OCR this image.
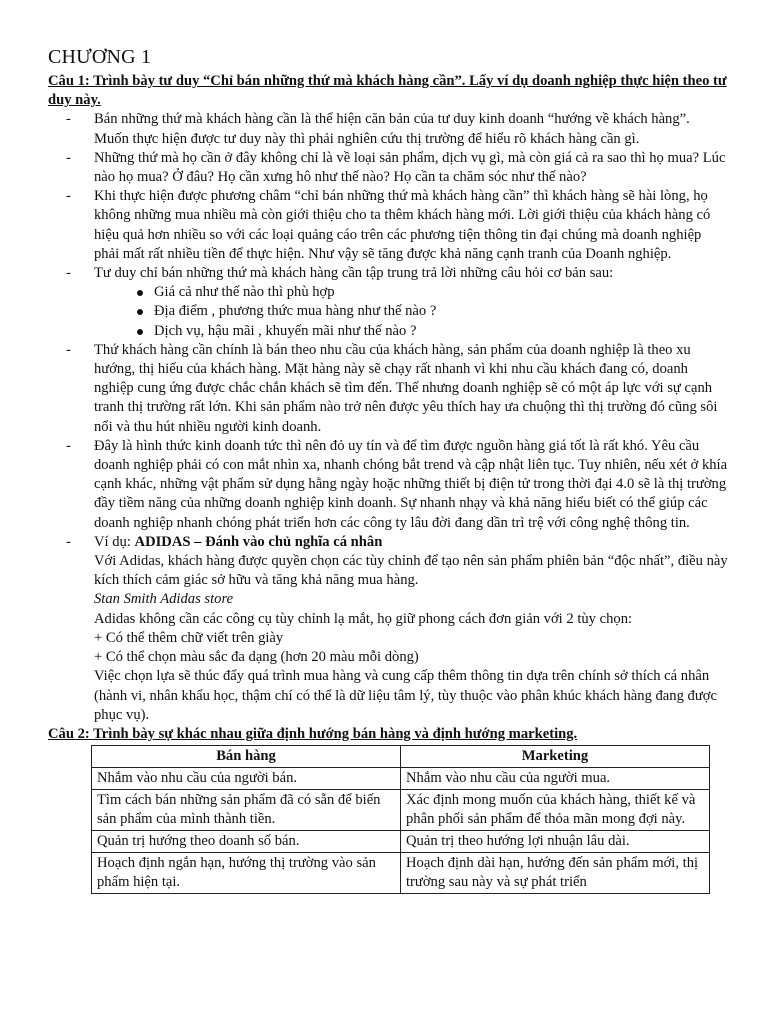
CHƯƠNG 1

Câu 1: Trình bày tư duy “Chỉ bán những thứ mà khách hàng cần”. Lấy ví dụ doanh nghiệp thực hiện theo tư duy này.

- Bán những thứ mà khách hàng cần là thể hiện căn bản của tư duy kinh doanh “hướng về khách hàng”. Muốn thực hiện được tư duy này thì phải nghiên cứu thị trường để hiểu rõ khách hàng cần gì.
- Những thứ mà họ cần ở đây không chỉ là về loại sản phẩm, dịch vụ gì, mà còn giá cả ra sao thì họ mua? Lúc nào họ mua? Ở đâu? Họ cần xưng hô như thế nào? Họ cần ta chăm sóc như thế nào?
- Khi thực hiện được phương châm “chỉ bán những thứ mà khách hàng cần” thì khách hàng sẽ hài lòng, họ không những mua nhiều mà còn giới thiệu cho ta thêm khách hàng mới. Lời giới thiệu của khách hàng có hiệu quả hơn nhiều so với các loại quảng cáo trên các phương tiện thông tin đại chúng mà doanh nghiệp phải mất rất nhiều tiền để thực hiện. Như vậy sẽ tăng được khả năng cạnh tranh của Doanh nghiệp.
- Tư duy chỉ bán những thứ mà khách hàng cần tập trung trả lời những câu hỏi cơ bản sau:
Giá cả như thế nào thì phù hợp
Địa điểm , phương thức mua hàng như thế nào ?
Dịch vụ, hậu mãi , khuyến mãi như thế nào ?
- Thứ khách hàng cần chính là bán theo nhu cầu của khách hàng, sản phẩm của doanh nghiệp là theo xu hướng, thị hiếu của khách hàng. Mặt hàng này sẽ chạy rất nhanh vì khi nhu cầu khách đang có, doanh nghiệp cung ứng được chắc chắn khách sẽ tìm đến. Thế nhưng doanh nghiệp sẽ có một áp lực với sự cạnh tranh thị trường rất lớn. Khi sản phẩm nào trở nên được yêu thích hay ưa chuộng thì thị trường đó cũng sôi nổi và thu hút nhiều người kinh doanh.
- Đây là hình thức kinh doanh tức thì nên đỏ uy tín và để tìm được nguồn hàng giá tốt là rất khó. Yêu cầu doanh nghiệp phải có con mắt nhìn xa, nhanh chóng bắt trend và cập nhật liên tục. Tuy nhiên, nếu xét ở khía cạnh khác, những vật phẩm sử dụng hằng ngày hoặc những thiết bị điện tử trong thời đại 4.0 sẽ là thị trường đầy tiềm năng của những doanh nghiệp kinh doanh. Sự nhanh nhạy và khả năng hiểu biết có thể giúp các doanh nghiệp nhanh chóng phát triển hơn các công ty lâu đời đang dần trì trệ với công nghệ thông tin.
- Ví dụ: ADIDAS – Đánh vào chủ nghĩa cá nhân
Với Adidas, khách hàng được quyền chọn các tùy chỉnh để tạo nên sản phẩm phiên bản “độc nhất”, điều này kích thích cảm giác sở hữu và tăng khả năng mua hàng.
Stan Smith Adidas store
Adidas không cần các công cụ tùy chỉnh lạ mắt, họ giữ phong cách đơn giản với 2 tùy chọn:
+ Có thể thêm chữ viết trên giày
+ Có thể chọn màu sắc đa dạng (hơn 20 màu mỗi dòng)
Việc chọn lựa sẽ thúc đẩy quá trình mua hàng và cung cấp thêm thông tin dựa trên chính sở thích cá nhân (hành vi, nhân khẩu học, thậm chí có thể là dữ liệu tâm lý, tùy thuộc vào phân khúc khách hàng đang được phục vụ).

Câu 2: Trình bày sự khác nhau giữa định hướng bán hàng và định hướng marketing.

Bán hàng	Marketing
Nhắm vào nhu cầu của người bán.	Nhắm vào nhu cầu của người mua.
Tìm cách bán những sản phẩm đã có sẵn để biến sản phẩm của mình thành tiền.	Xác định mong muốn của khách hàng, thiết kế và phân phối sản phẩm để thỏa mãn mong đợi này.
Quản trị hướng theo doanh số bán.	Quản trị theo hướng lợi nhuận lâu dài.
Hoạch định ngắn hạn, hướng thị trường vào sản phẩm hiện tại.	Hoạch định dài hạn, hướng đến sản phẩm mới, thị trường sau này và sự phát triển
